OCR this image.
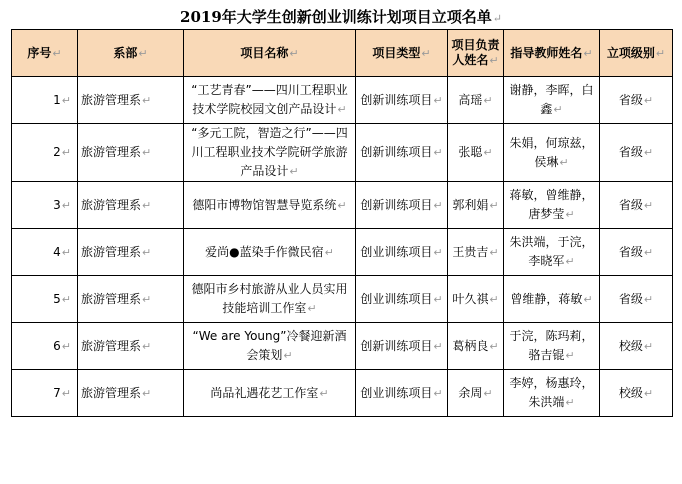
2019年大学生创新创业训练计划项目立项名单↵
序号↵	系部↵	项目名称↵	项目类型↵	项目负责人姓名↵	指导教师姓名↵	立项级别↵
1↵	旅游管理系↵	“工艺青春”——四川工程职业技术学院校园文创产品设计↵	创新训练项目↵	高瑶↵	谢静，李晖，白鑫↵	省级↵
2↵	旅游管理系↵	“多元工院，智造之行”——四川工程职业技术学院研学旅游产品设计↵	创新训练项目↵	张聪↵	朱娟，何琼兹，侯琳↵	省级↵
3↵	旅游管理系↵	德阳市博物馆智慧导览系统↵	创新训练项目↵	郭利娟↵	蒋敏，曾维静，唐梦莹↵	省级↵
4↵	旅游管理系↵	爱尚●蓝染手作微民宿↵	创业训练项目↵	王贵吉↵	朱洪端，于浣，李晓军↵	省级↵
5↵	旅游管理系↵	德阳市乡村旅游从业人员实用技能培训工作室↵	创业训练项目↵	叶久祺↵	曾维静，蒋敏↵	省级↵
6↵	旅游管理系↵	“We are Young”冷餐迎新酒会策划↵	创新训练项目↵	葛柄良↵	于浣，陈玛莉，骆吉锟↵	校级↵
7↵	旅游管理系↵	尚品礼遇花艺工作室↵	创业训练项目↵	余周↵	李婷，杨惠玲，朱洪端↵	校级↵
